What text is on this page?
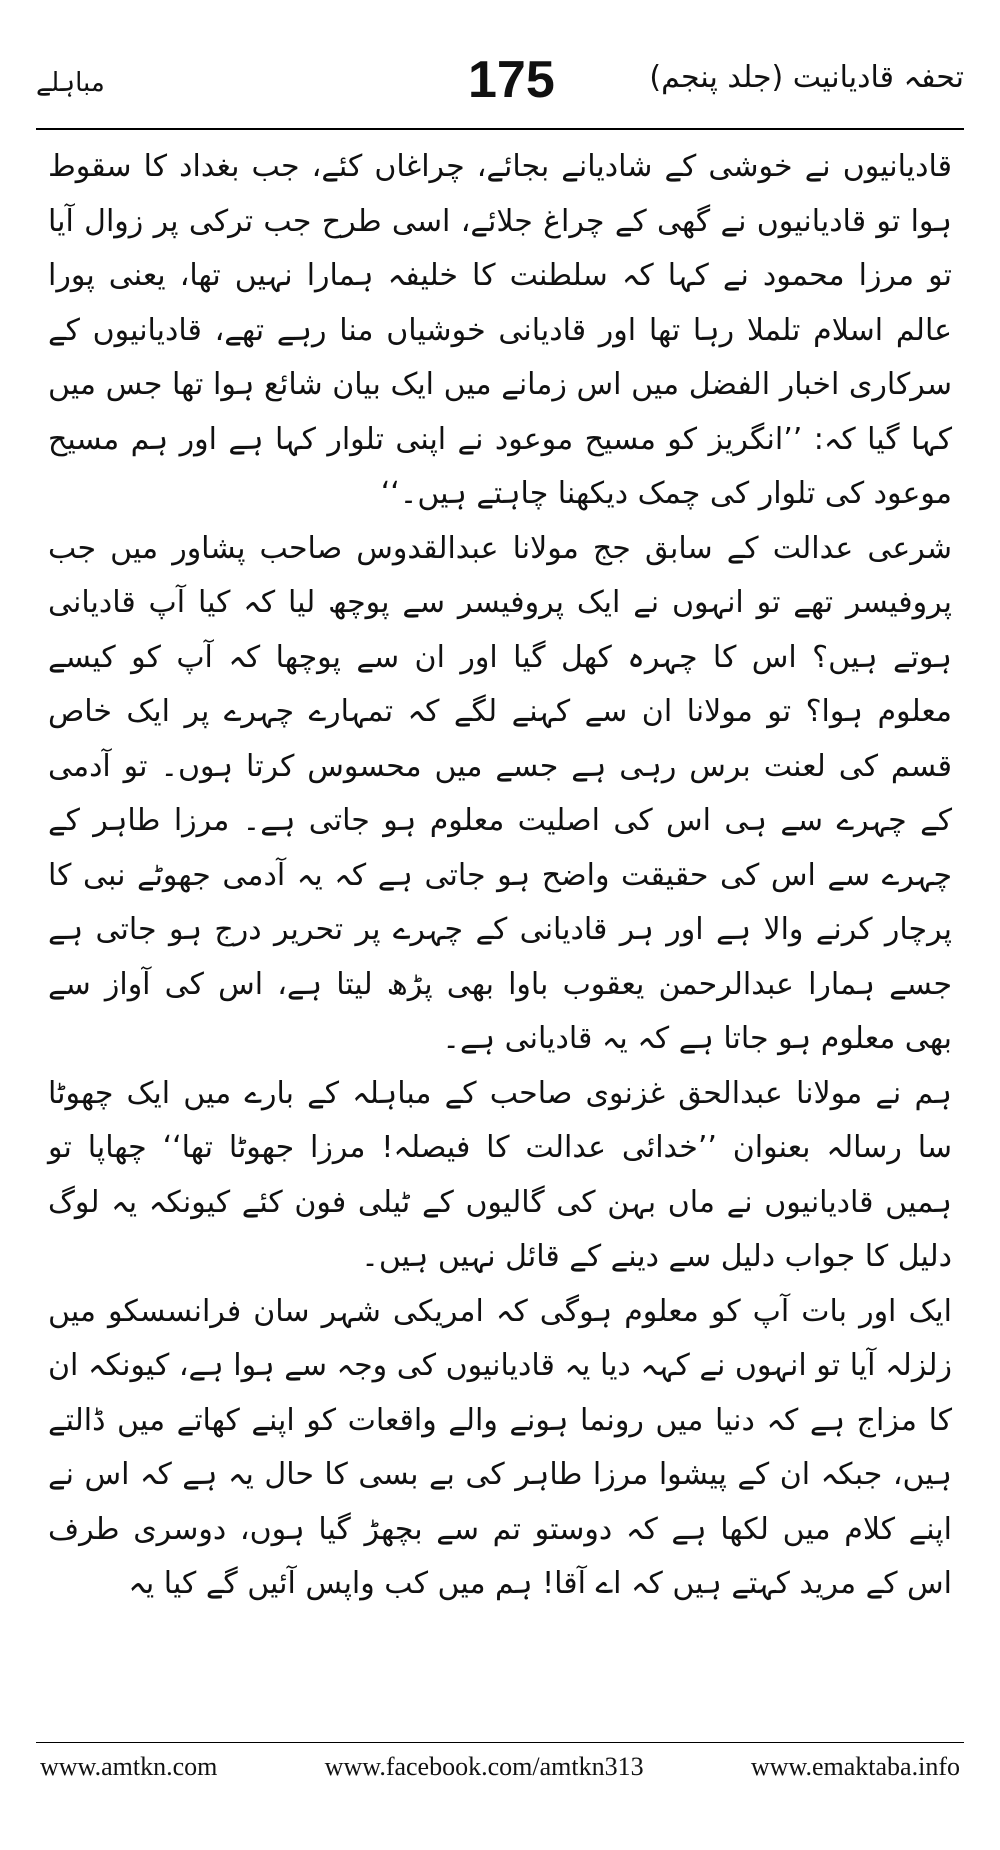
تحفہ قادیانیت (جلد پنجم)
175
مباہلے

قادیانیوں نے خوشی کے شادیانے بجائے، چراغاں کئے، جب بغداد کا سقوط ہوا تو قادیانیوں نے گھی کے چراغ جلائے، اسی طرح جب ترکی پر زوال آیا تو مرزا محمود نے کہا کہ سلطنت کا خلیفہ ہمارا نہیں تھا، یعنی پورا عالم اسلام تلملا رہا تھا اور قادیانی خوشیاں منا رہے تھے، قادیانیوں کے سرکاری اخبار الفضل میں اس زمانے میں ایک بیان شائع ہوا تھا جس میں کہا گیا کہ: ’’انگریز کو مسیح موعود نے اپنی تلوار کہا ہے اور ہم مسیح موعود کی تلوار کی چمک دیکھنا چاہتے ہیں۔‘‘

شرعی عدالت کے سابق جج مولانا عبدالقدوس صاحب پشاور میں جب پروفیسر تھے تو انہوں نے ایک پروفیسر سے پوچھ لیا کہ کیا آپ قادیانی ہوتے ہیں؟ اس کا چہرہ کھل گیا اور ان سے پوچھا کہ آپ کو کیسے معلوم ہوا؟ تو مولانا ان سے کہنے لگے کہ تمہارے چہرے پر ایک خاص قسم کی لعنت برس رہی ہے جسے میں محسوس کرتا ہوں۔ تو آدمی کے چہرے سے ہی اس کی اصلیت معلوم ہو جاتی ہے۔ مرزا طاہر کے چہرے سے اس کی حقیقت واضح ہو جاتی ہے کہ یہ آدمی جھوٹے نبی کا پرچار کرنے والا ہے اور ہر قادیانی کے چہرے پر تحریر درج ہو جاتی ہے جسے ہمارا عبدالرحمن یعقوب باوا بھی پڑھ لیتا ہے، اس کی آواز سے بھی معلوم ہو جاتا ہے کہ یہ قادیانی ہے۔

ہم نے مولانا عبدالحق غزنوی صاحب کے مباہلہ کے بارے میں ایک چھوٹا سا رسالہ بعنوان ’’خدائی عدالت کا فیصلہ! مرزا جھوٹا تھا‘‘ چھاپا تو ہمیں قادیانیوں نے ماں بہن کی گالیوں کے ٹیلی فون کئے کیونکہ یہ لوگ دلیل کا جواب دلیل سے دینے کے قائل نہیں ہیں۔

ایک اور بات آپ کو معلوم ہوگی کہ امریکی شہر سان فرانسسکو میں زلزلہ آیا تو انہوں نے کہہ دیا یہ قادیانیوں کی وجہ سے ہوا ہے، کیونکہ ان کا مزاج ہے کہ دنیا میں رونما ہونے والے واقعات کو اپنے کھاتے میں ڈالتے ہیں، جبکہ ان کے پیشوا مرزا طاہر کی بے بسی کا حال یہ ہے کہ اس نے اپنے کلام میں لکھا ہے کہ دوستو تم سے بچھڑ گیا ہوں، دوسری طرف اس کے مرید کہتے ہیں کہ اے آقا! ہم میں کب واپس آئیں گے کیا یہ

www.amtkn.com	www.facebook.com/amtkn313	www.emaktaba.info
